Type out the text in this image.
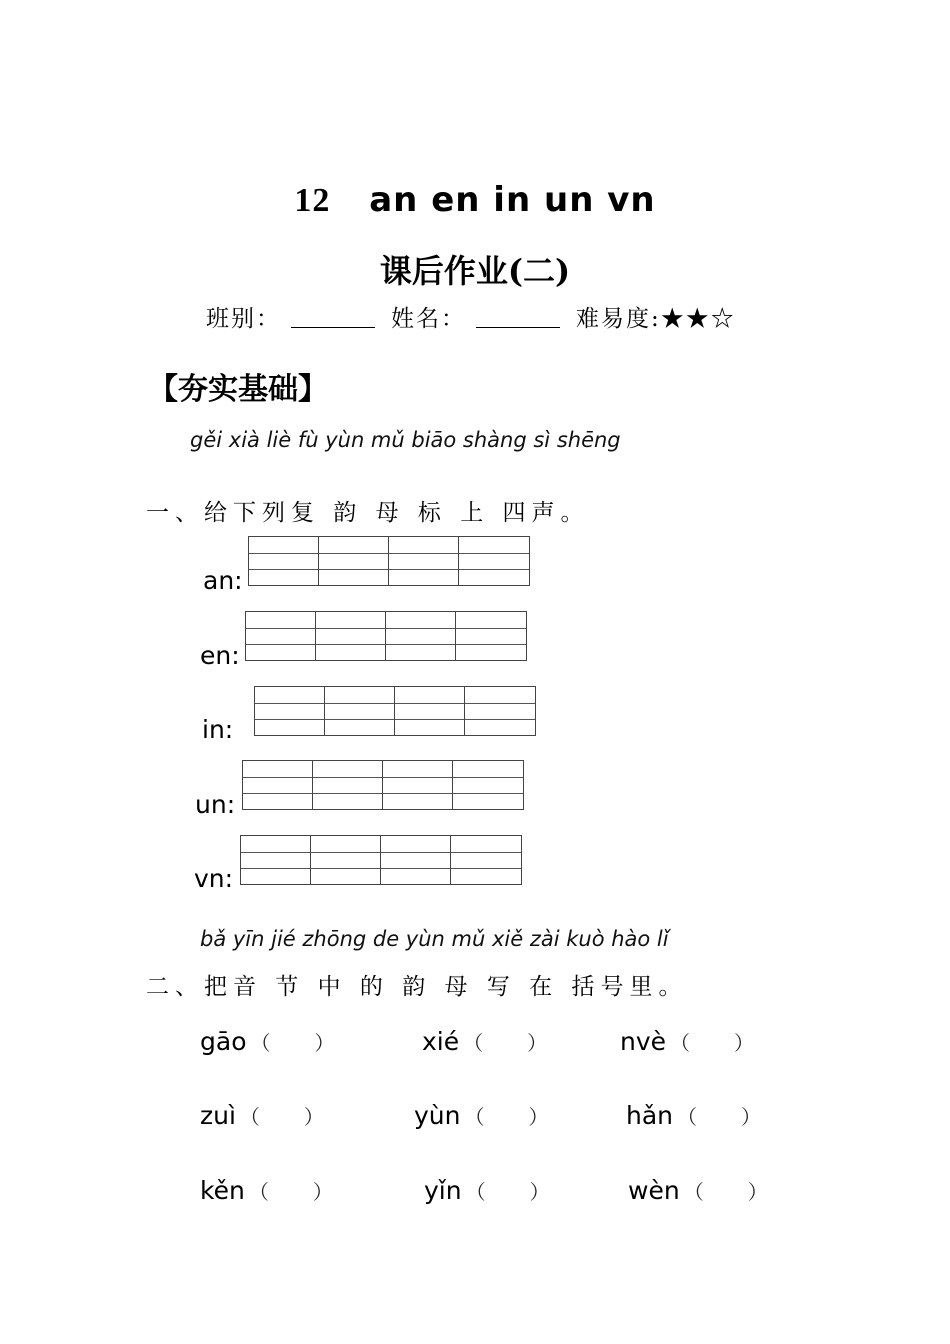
12 an en in un vn
课后作业(二)
班别：	姓名：	难易度:★★☆
【夯实基础】
gěi xià liè fù yùn mǔ biāo shàng sì shēng
一、给下列复 韵 母 标 上 四声。
an:
en:
in:
un:
vn:
bǎ yīn jié zhōng de yùn mǔ xiě zài kuò hào lǐ
二、把音 节 中 的 韵 母 写 在 括号里。
gāo （ ）	xié （ ）	nvè （ ）
zuì （ ）	yùn （ ）	hǎn （ ）
kěn （ ）	yǐn （ ）	wèn （ ）
